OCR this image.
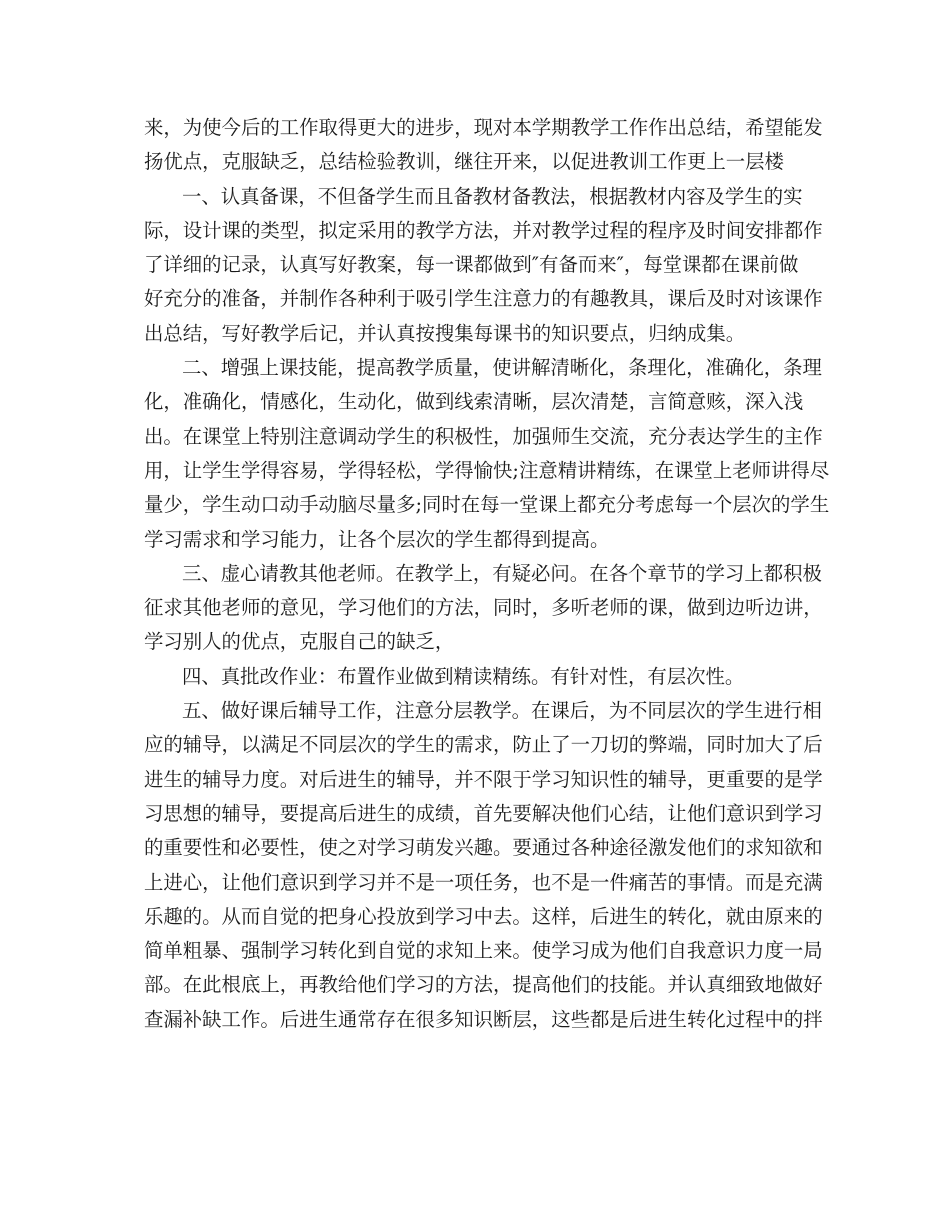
来，为使今后的工作取得更大的进步，现对本学期教学工作作出总结，希望能发
扬优点，克服缺乏，总结检验教训，继往开来，以促进教训工作更上一层楼
一、认真备课，不但备学生而且备教材备教法，根据教材内容及学生的实
际，设计课的类型，拟定采用的教学方法，并对教学过程的程序及时间安排都作
了详细的记录，认真写好教案，每一课都做到″有备而来″，每堂课都在课前做
好充分的准备，并制作各种利于吸引学生注意力的有趣教具，课后及时对该课作
出总结，写好教学后记，并认真按搜集每课书的知识要点，归纳成集。
二、增强上课技能，提高教学质量，使讲解清晰化，条理化，准确化，条理
化，准确化，情感化，生动化，做到线索清晰，层次清楚，言简意赅，深入浅
出。在课堂上特别注意调动学生的积极性，加强师生交流，充分表达学生的主作
用，让学生学得容易，学得轻松，学得愉快;注意精讲精练，在课堂上老师讲得尽
量少，学生动口动手动脑尽量多;同时在每一堂课上都充分考虑每一个层次的学生
学习需求和学习能力，让各个层次的学生都得到提高。
三、虚心请教其他老师。在教学上，有疑必问。在各个章节的学习上都积极
征求其他老师的意见，学习他们的方法，同时，多听老师的课，做到边听边讲，
学习别人的优点，克服自己的缺乏，
四、真批改作业：布置作业做到精读精练。有针对性，有层次性。
五、做好课后辅导工作，注意分层教学。在课后，为不同层次的学生进行相
应的辅导，以满足不同层次的学生的需求，防止了一刀切的弊端，同时加大了后
进生的辅导力度。对后进生的辅导，并不限于学习知识性的辅导，更重要的是学
习思想的辅导，要提高后进生的成绩，首先要解决他们心结，让他们意识到学习
的重要性和必要性，使之对学习萌发兴趣。要通过各种途径激发他们的求知欲和
上进心，让他们意识到学习并不是一项任务，也不是一件痛苦的事情。而是充满
乐趣的。从而自觉的把身心投放到学习中去。这样，后进生的转化，就由原来的
简单粗暴、强制学习转化到自觉的求知上来。使学习成为他们自我意识力度一局
部。在此根底上，再教给他们学习的方法，提高他们的技能。并认真细致地做好
查漏补缺工作。后进生通常存在很多知识断层，这些都是后进生转化过程中的拌
